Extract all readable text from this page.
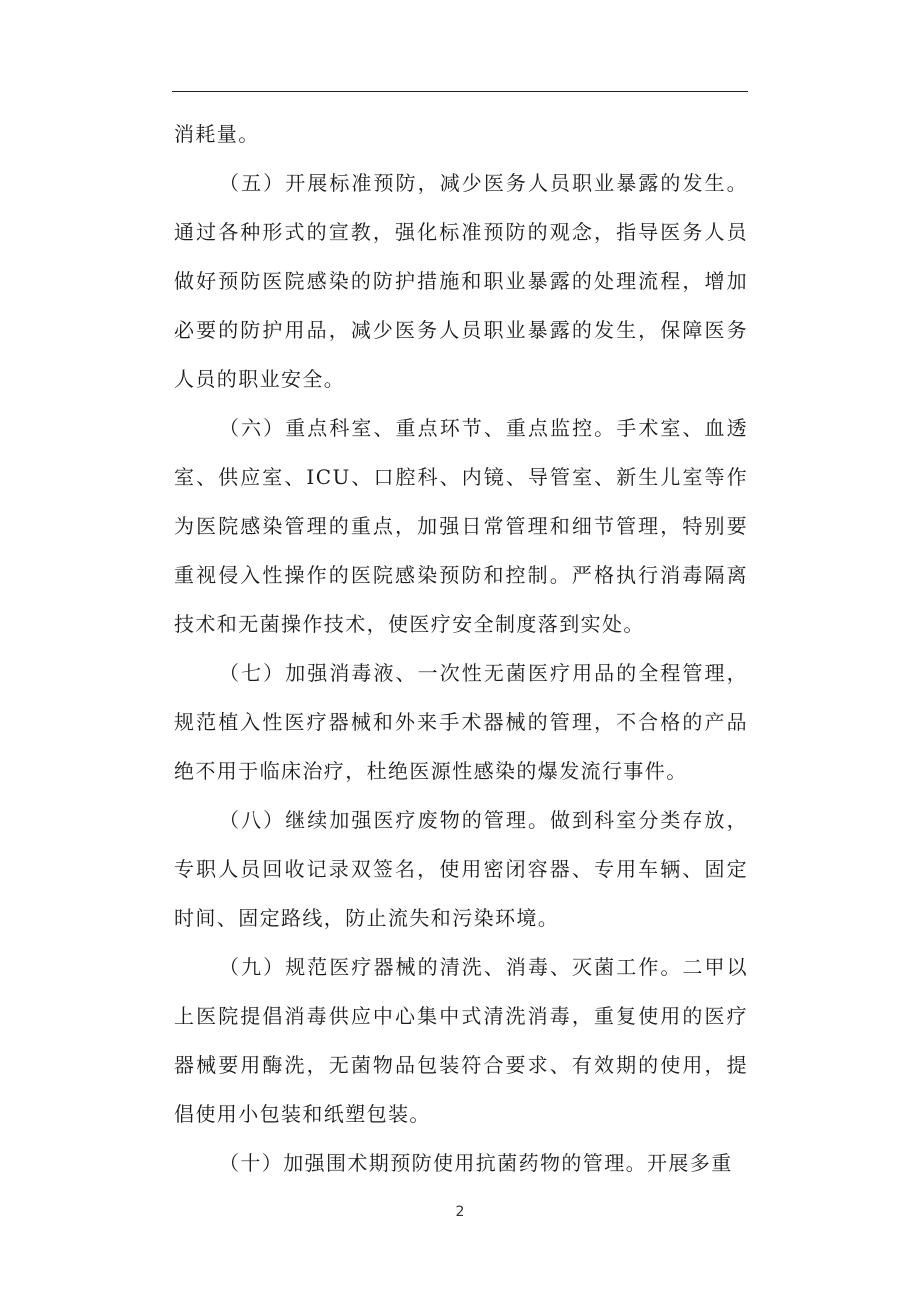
消耗量。

（五）开展标准预防，减少医务人员职业暴露的发生。通过各种形式的宣教，强化标准预防的观念，指导医务人员做好预防医院感染的防护措施和职业暴露的处理流程，增加必要的防护用品，减少医务人员职业暴露的发生，保障医务人员的职业安全。

（六）重点科室、重点环节、重点监控。手术室、血透室、供应室、ICU、口腔科、内镜、导管室、新生儿室等作为医院感染管理的重点，加强日常管理和细节管理，特别要重视侵入性操作的医院感染预防和控制。严格执行消毒隔离技术和无菌操作技术，使医疗安全制度落到实处。

（七）加强消毒液、一次性无菌医疗用品的全程管理，规范植入性医疗器械和外来手术器械的管理，不合格的产品绝不用于临床治疗，杜绝医源性感染的爆发流行事件。

（八）继续加强医疗废物的管理。做到科室分类存放，专职人员回收记录双签名，使用密闭容器、专用车辆、固定时间、固定路线，防止流失和污染环境。

（九）规范医疗器械的清洗、消毒、灭菌工作。二甲以上医院提倡消毒供应中心集中式清洗消毒，重复使用的医疗器械要用酶洗，无菌物品包装符合要求、有效期的使用，提倡使用小包装和纸塑包装。

（十）加强围术期预防使用抗菌药物的管理。开展多重

2
